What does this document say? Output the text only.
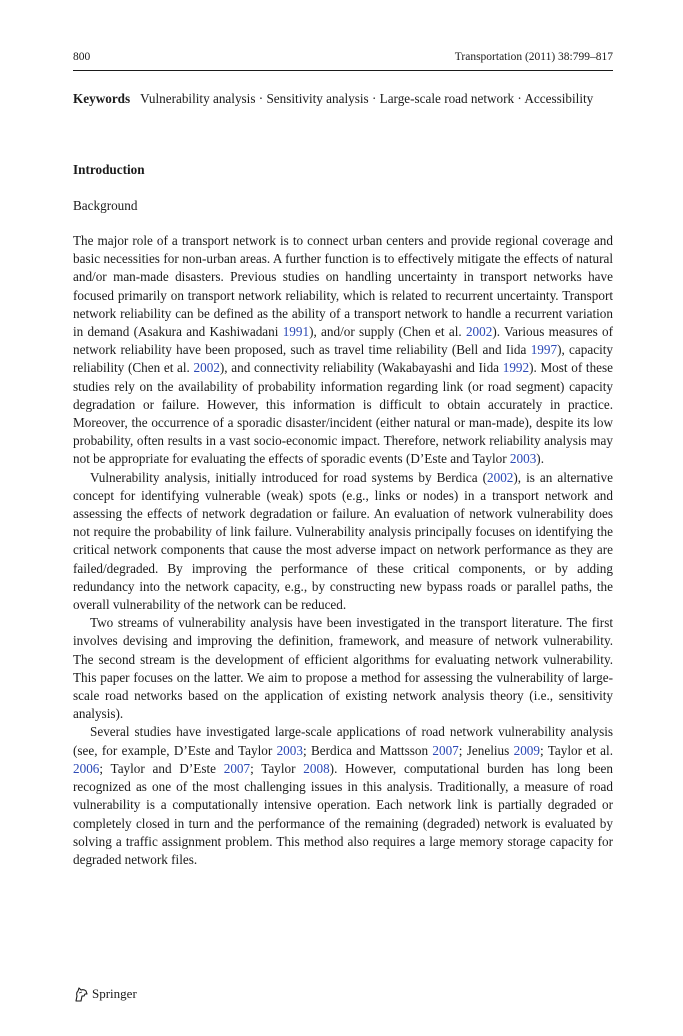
800	Transportation (2011) 38:799–817
Keywords Vulnerability analysis · Sensitivity analysis · Large-scale road network · Accessibility
Introduction
Background

The major role of a transport network is to connect urban centers and provide regional coverage and basic necessities for non-urban areas. A further function is to effectively mitigate the effects of natural and/or man-made disasters. Previous studies on handling uncertainty in transport networks have focused primarily on transport network reliability, which is related to recurrent uncertainty. Transport network reliability can be defined as the ability of a transport network to handle a recurrent variation in demand (Asakura and Kashiwadani 1991), and/or supply (Chen et al. 2002). Various measures of network reliability have been proposed, such as travel time reliability (Bell and Iida 1997), capacity reliability (Chen et al. 2002), and connectivity reliability (Wakabayashi and Iida 1992). Most of these studies rely on the availability of probability information regarding link (or road segment) capacity degradation or failure. However, this information is difficult to obtain accurately in practice. Moreover, the occurrence of a sporadic disaster/incident (either natural or man-made), despite its low probability, often results in a vast socio-economic impact. Therefore, network reliability analysis may not be appropriate for evaluating the effects of sporadic events (D’Este and Taylor 2003).

Vulnerability analysis, initially introduced for road systems by Berdica (2002), is an alternative concept for identifying vulnerable (weak) spots (e.g., links or nodes) in a transport network and assessing the effects of network degradation or failure. An evaluation of network vulnerability does not require the probability of link failure. Vulnerability analysis principally focuses on identifying the critical network components that cause the most adverse impact on network performance as they are failed/degraded. By improving the performance of these critical components, or by adding redundancy into the network capacity, e.g., by constructing new bypass roads or parallel paths, the overall vulnerability of the network can be reduced.

Two streams of vulnerability analysis have been investigated in the transport literature. The first involves devising and improving the definition, framework, and measure of network vulnerability. The second stream is the development of efficient algorithms for evaluating network vulnerability. This paper focuses on the latter. We aim to propose a method for assessing the vulnerability of large-scale road networks based on the application of existing network analysis theory (i.e., sensitivity analysis).

Several studies have investigated large-scale applications of road network vulnerability analysis (see, for example, D’Este and Taylor 2003; Berdica and Mattsson 2007; Jenelius 2009; Taylor et al. 2006; Taylor and D’Este 2007; Taylor 2008). However, computational burden has long been recognized as one of the most challenging issues in this analysis. Traditionally, a measure of road vulnerability is a computationally intensive operation. Each network link is partially degraded or completely closed in turn and the performance of the remaining (degraded) network is evaluated by solving a traffic assignment problem. This method also requires a large memory storage capacity for degraded network files.

Springer
